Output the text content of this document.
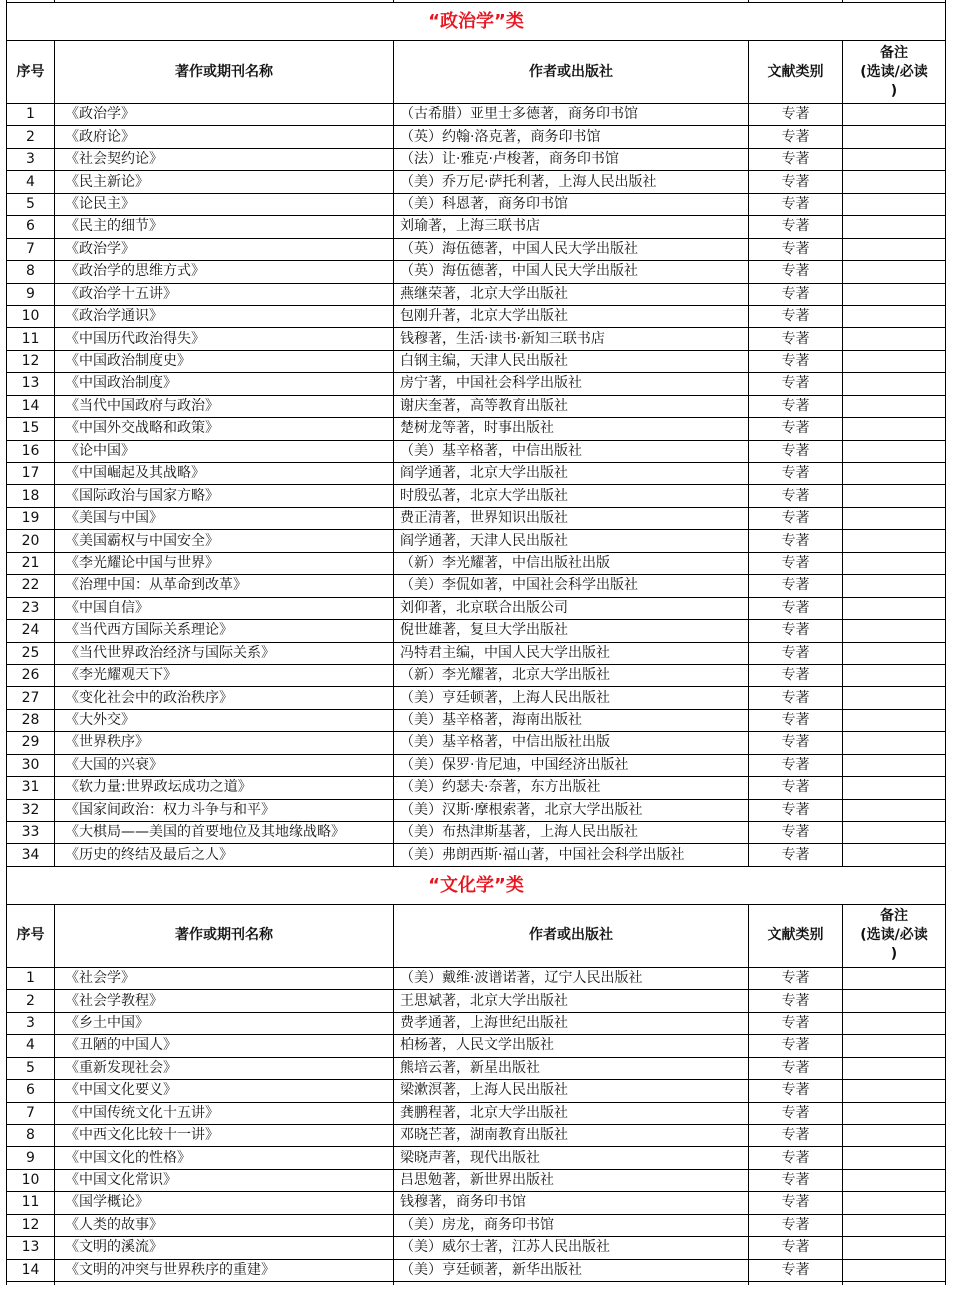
“政治学”类				
序号	著作或期刊名称	作者或出版社	文献类别	备注
(选读/必读
)
1	《政治学》	（古希腊）亚里士多德著，商务印书馆	专著	
2	《政府论》	（英）约翰·洛克著，商务印书馆	专著	
3	《社会契约论》	（法）让·雅克·卢梭著，商务印书馆	专著	
4	《民主新论》	（美）乔万尼·萨托利著，上海人民出版社	专著	
5	《论民主》	（美）科恩著，商务印书馆	专著	
6	《民主的细节》	刘瑜著，上海三联书店	专著	
7	《政治学》	（英）海伍德著，中国人民大学出版社	专著	
8	《政治学的思维方式》	（英）海伍德著，中国人民大学出版社	专著	
9	《政治学十五讲》	燕继荣著，北京大学出版社	专著	
10	《政治学通识》	包刚升著，北京大学出版社	专著	
11	《中国历代政治得失》	钱穆著，生活·读书·新知三联书店	专著	
12	《中国政治制度史》	白钢主编，天津人民出版社	专著	
13	《中国政治制度》	房宁著，中国社会科学出版社	专著	
14	《当代中国政府与政治》	谢庆奎著，高等教育出版社	专著	
15	《中国外交战略和政策》	楚树龙等著，时事出版社	专著	
16	《论中国》	（美）基辛格著，中信出版社	专著	
17	《中国崛起及其战略》	阎学通著，北京大学出版社	专著	
18	《国际政治与国家方略》	时殷弘著，北京大学出版社	专著	
19	《美国与中国》	费正清著，世界知识出版社	专著	
20	《美国霸权与中国安全》	阎学通著，天津人民出版社	专著	
21	《李光耀论中国与世界》	（新）李光耀著，中信出版社出版	专著	
22	《治理中国：从革命到改革》	（美）李侃如著，中国社会科学出版社	专著	
23	《中国自信》	刘仰著，北京联合出版公司	专著	
24	《当代西方国际关系理论》	倪世雄著，复旦大学出版社	专著	
25	《当代世界政治经济与国际关系》	冯特君主编，中国人民大学出版社	专著	
26	《李光耀观天下》	（新）李光耀著，北京大学出版社	专著	
27	《变化社会中的政治秩序》	（美）亨廷顿著，上海人民出版社	专著	
28	《大外交》	（美）基辛格著，海南出版社	专著	
29	《世界秩序》	（美）基辛格著，中信出版社出版	专著	
30	《大国的兴衰》	（美）保罗·肯尼迪，中国经济出版社	专著	
31	《软力量:世界政坛成功之道》	（美）约瑟夫·奈著，东方出版社	专著	
32	《国家间政治：权力斗争与和平》	（美）汉斯·摩根索著，北京大学出版社	专著	
33	《大棋局——美国的首要地位及其地缘战略》	（美）布热津斯基著，上海人民出版社	专著	
34	《历史的终结及最后之人》	（美）弗朗西斯·福山著，中国社会科学出版社	专著	
“文化学”类				
序号	著作或期刊名称	作者或出版社	文献类别	备注
(选读/必读
)
1	《社会学》	（美）戴维·波谱诺著，辽宁人民出版社	专著	
2	《社会学教程》	王思斌著，北京大学出版社	专著	
3	《乡土中国》	费孝通著，上海世纪出版社	专著	
4	《丑陋的中国人》	柏杨著，人民文学出版社	专著	
5	《重新发现社会》	熊培云著，新星出版社	专著	
6	《中国文化要义》	梁漱溟著，上海人民出版社	专著	
7	《中国传统文化十五讲》	龚鹏程著，北京大学出版社	专著	
8	《中西文化比较十一讲》	邓晓芒著，湖南教育出版社	专著	
9	《中国文化的性格》	梁晓声著，现代出版社	专著	
10	《中国文化常识》	吕思勉著，新世界出版社	专著	
11	《国学概论》	钱穆著，商务印书馆	专著	
12	《人类的故事》	（美）房龙，商务印书馆	专著	
13	《文明的溪流》	（美）威尔士著，江苏人民出版社	专著	
14	《文明的冲突与世界秩序的重建》	（美）亨廷顿著，新华出版社	专著	
